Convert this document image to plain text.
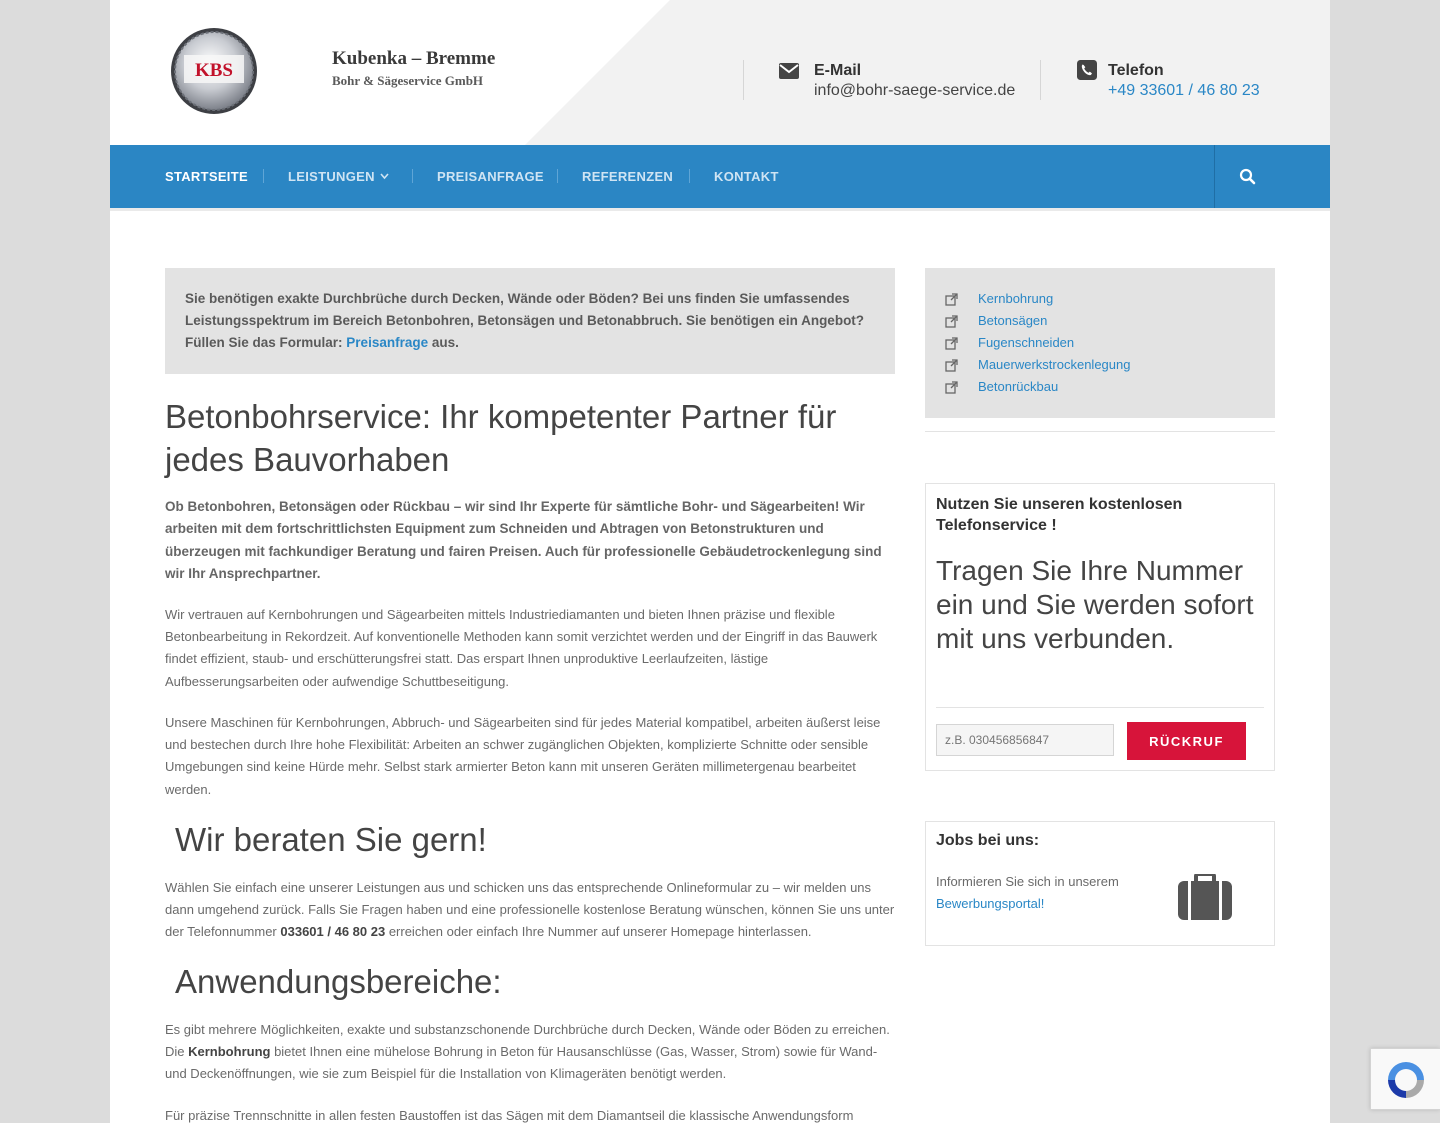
KBS
Kubenka – Bremme
Bohr & Sägeservice GmbH
E-Mail
info@bohr-saege-service.de
Telefon
+49 33601 / 46 80 23
STARTSEITE	LEISTUNGEN	PREISANFRAGE	REFERENZEN	KONTAKT
Sie benötigen exakte Durchbrüche durch Decken, Wände oder Böden? Bei uns finden Sie umfassendes Leistungsspektrum im Bereich Betonbohren, Betonsägen und Betonabbruch. Sie benötigen ein Angebot? Füllen Sie das Formular: Preisanfrage aus.
Betonbohrservice: Ihr kompetenter Partner für jedes Bauvorhaben

Ob Betonbohren, Betonsägen oder Rückbau – wir sind Ihr Experte für sämtliche Bohr- und Sägearbeiten! Wir arbeiten mit dem fortschrittlichsten Equipment zum Schneiden und Abtragen von Betonstrukturen und überzeugen mit fachkundiger Beratung und fairen Preisen. Auch für professionelle Gebäudetrockenlegung sind wir Ihr Ansprechpartner.

Wir vertrauen auf Kernbohrungen und Sägearbeiten mittels Industriediamanten und bieten Ihnen präzise und flexible Betonbearbeitung in Rekordzeit. Auf konventionelle Methoden kann somit verzichtet werden und der Eingriff in das Bauwerk findet effizient, staub- und erschütterungsfrei statt. Das erspart Ihnen unproduktive Leerlaufzeiten, lästige Aufbesserungsarbeiten oder aufwendige Schuttbeseitigung.

Unsere Maschinen für Kernbohrungen, Abbruch- und Sägearbeiten sind für jedes Material kompatibel, arbeiten äußerst leise und bestechen durch Ihre hohe Flexibilität: Arbeiten an schwer zugänglichen Objekten, komplizierte Schnitte oder sensible Umgebungen sind keine Hürde mehr. Selbst stark armierter Beton kann mit unseren Geräten millimetergenau bearbeitet werden.

Wir beraten Sie gern!

Wählen Sie einfach eine unserer Leistungen aus und schicken uns das entsprechende Onlineformular zu – wir melden uns dann umgehend zurück. Falls Sie Fragen haben und eine professionelle kostenlose Beratung wünschen, können Sie uns unter der Telefonnummer 033601 / 46 80 23 erreichen oder einfach Ihre Nummer auf unserer Homepage hinterlassen.

Anwendungsbereiche:

Es gibt mehrere Möglichkeiten, exakte und substanzschonende Durchbrüche durch Decken, Wände oder Böden zu erreichen. Die Kernbohrung bietet Ihnen eine mühelose Bohrung in Beton für Hausanschlüsse (Gas, Wasser, Strom) sowie für Wand- und Deckenöffnungen, wie sie zum Beispiel für die Installation von Klimageräten benötigt werden.

Für präzise Trennschnitte in allen festen Baustoffen ist das Sägen mit dem Diamantseil die klassische Anwendungsform

Kernbohrung
Betonsägen
Fugenschneiden
Mauerwerkstrockenlegung
Betonrückbau
Nutzen Sie unseren kostenlosen Telefonservice !
Tragen Sie Ihre Nummer ein und Sie werden sofort mit uns verbunden.
z.B. 030456856847
RÜCKRUF
Jobs bei uns:
Informieren Sie sich in unserem
Bewerbungsportal!
